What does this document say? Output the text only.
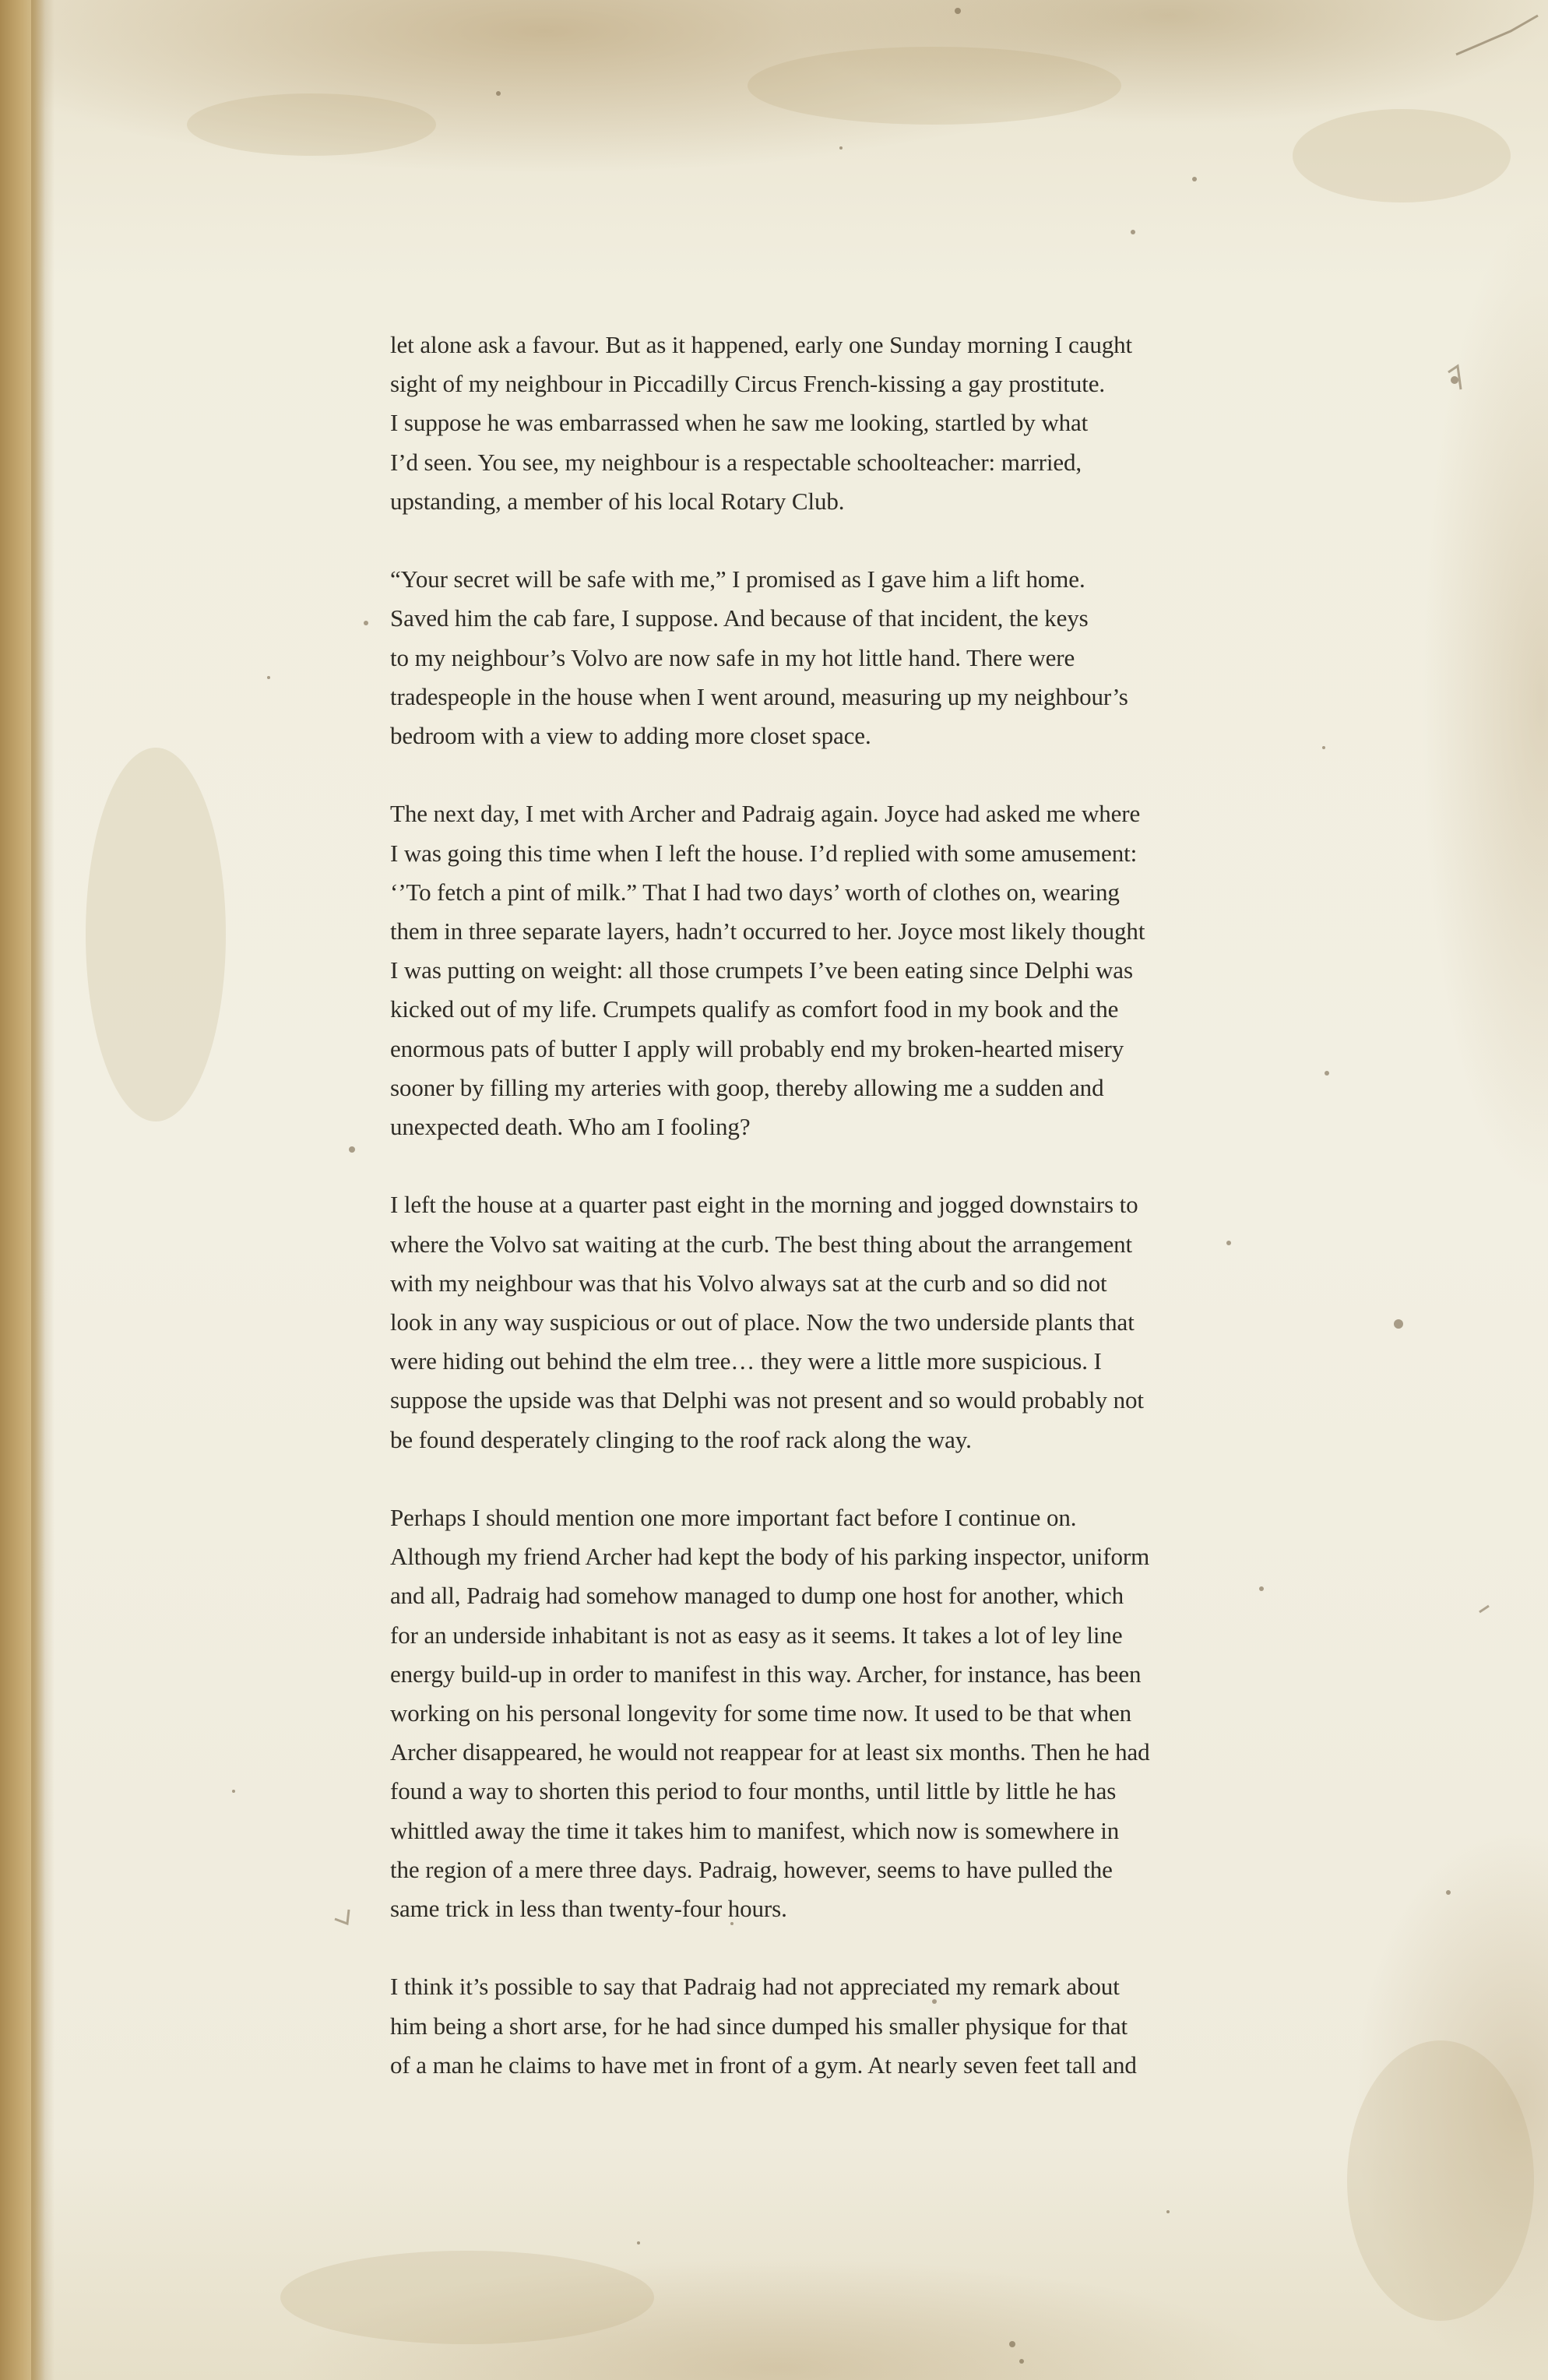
let alone ask a favour. But as it happened, early one Sunday morning I caught
sight of my neighbour in Piccadilly Circus French-kissing a gay prostitute.
I suppose he was embarrassed when he saw me looking, startled by what
I’d seen. You see, my neighbour is a respectable schoolteacher: married,
upstanding, a member of his local Rotary Club.

“Your secret will be safe with me,” I promised as I gave him a lift home.
Saved him the cab fare, I suppose. And because of that incident, the keys
to my neighbour’s Volvo are now safe in my hot little hand. There were
tradespeople in the house when I went around, measuring up my neighbour’s
bedroom with a view to adding more closet space.

The next day, I met with Archer and Padraig again. Joyce had asked me where
I was going this time when I left the house. I’d replied with some amusement:
‘’To fetch a pint of milk.” That I had two days’ worth of clothes on, wearing
them in three separate layers, hadn’t occurred to her. Joyce most likely thought
I was putting on weight: all those crumpets I’ve been eating since Delphi was
kicked out of my life. Crumpets qualify as comfort food in my book and the
enormous pats of butter I apply will probably end my broken-hearted misery
sooner by filling my arteries with goop, thereby allowing me a sudden and
unexpected death. Who am I fooling?

I left the house at a quarter past eight in the morning and jogged downstairs to
where the Volvo sat waiting at the curb. The best thing about the arrangement
with my neighbour was that his Volvo always sat at the curb and so did not
look in any way suspicious or out of place. Now the two underside plants that
were hiding out behind the elm tree… they were a little more suspicious. I
suppose the upside was that Delphi was not present and so would probably not
be found desperately clinging to the roof rack along the way.

Perhaps I should mention one more important fact before I continue on.
Although my friend Archer had kept the body of his parking inspector, uniform
and all, Padraig had somehow managed to dump one host for another, which
for an underside inhabitant is not as easy as it seems. It takes a lot of ley line
energy build-up in order to manifest in this way. Archer, for instance, has been
working on his personal longevity for some time now. It used to be that when
Archer disappeared, he would not reappear for at least six months. Then he had
found a way to shorten this period to four months, until little by little he has
whittled away the time it takes him to manifest, which now is somewhere in
the region of a mere three days. Padraig, however, seems to have pulled the
same trick in less than twenty-four hours.

I think it’s possible to say that Padraig had not appreciated my remark about
him being a short arse, for he had since dumped his smaller physique for that
of a man he claims to have met in front of a gym. At nearly seven feet tall and
